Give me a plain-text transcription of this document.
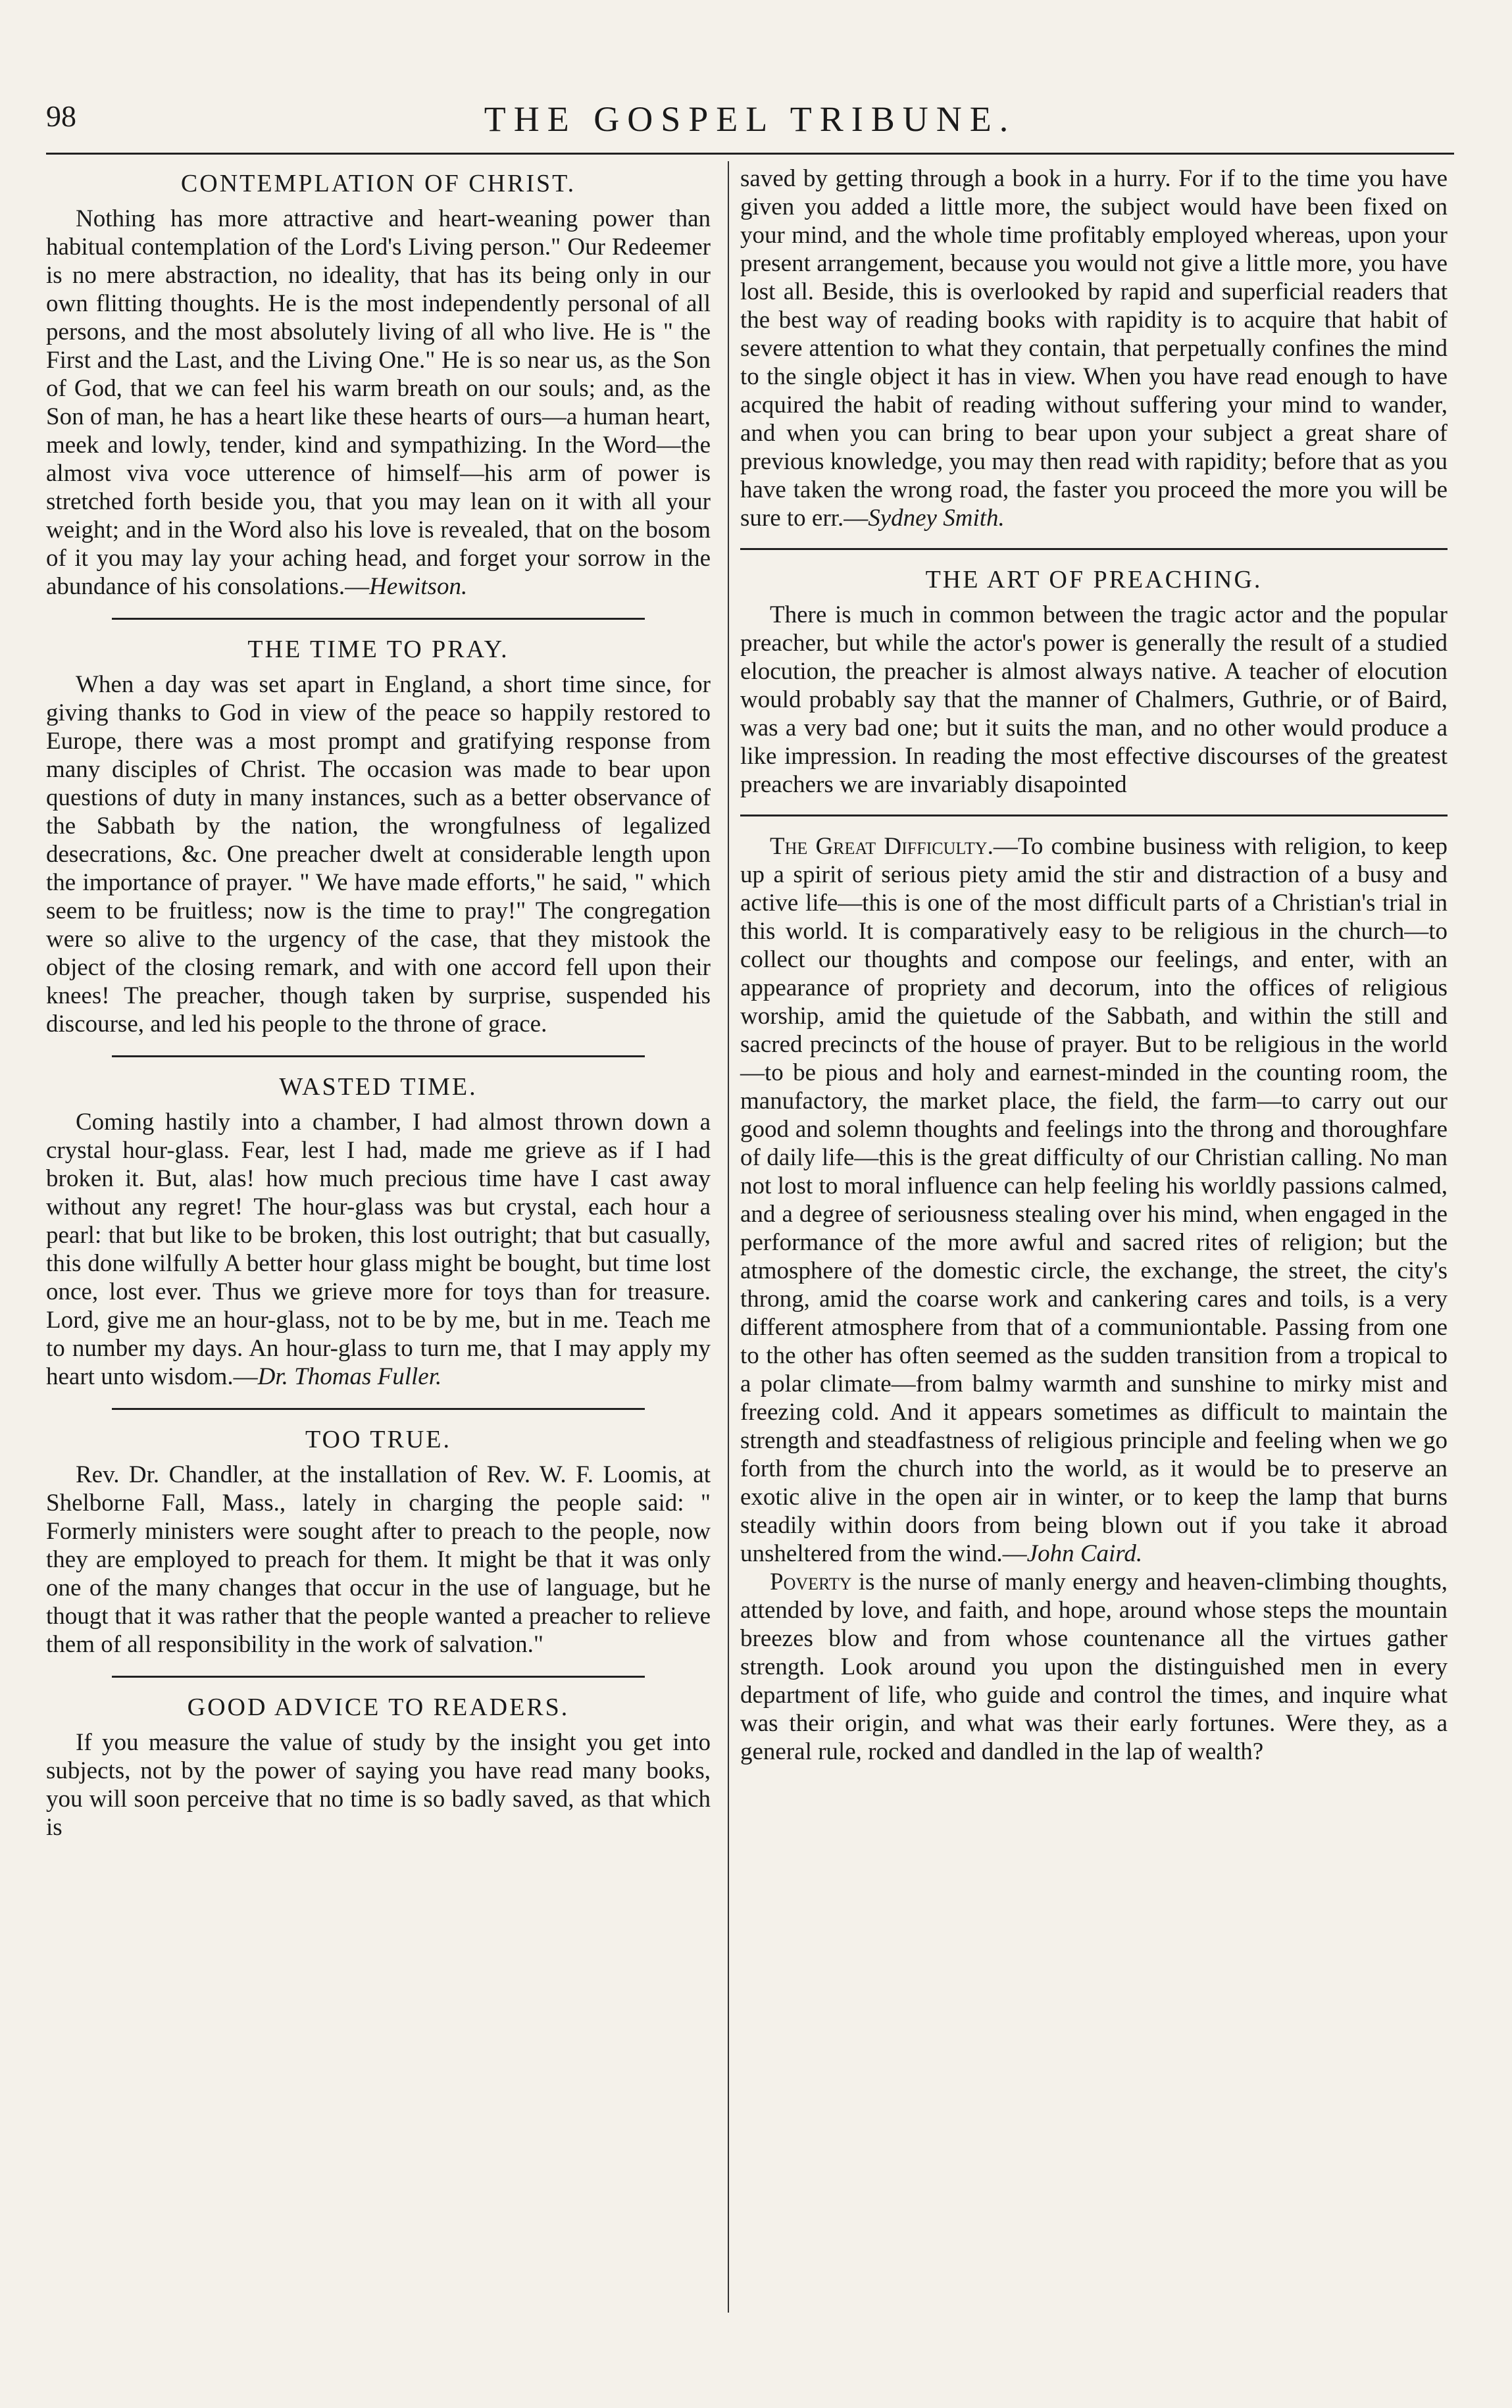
98	THE GOSPEL TRIBUNE.
CONTEMPLATION OF CHRIST.

Nothing has more attractive and heart-weaning power than habitual contemplation of the Lord's Living person." Our Redeemer is no mere abstraction, no ideality, that has its being only in our own flitting thoughts. He is the most independently personal of all persons, and the most absolutely living of all who live. He is " the First and the Last, and the Living One." He is so near us, as the Son of God, that we can feel his warm breath on our souls; and, as the Son of man, he has a heart like these hearts of ours—a human heart, meek and lowly, tender, kind and sympathizing. In the Word—the almost viva voce utterence of himself—his arm of power is stretched forth beside you, that you may lean on it with all your weight; and in the Word also his love is revealed, that on the bosom of it you may lay your aching head, and forget your sorrow in the abundance of his consolations.—Hewitson.

THE TIME TO PRAY.

When a day was set apart in England, a short time since, for giving thanks to God in view of the peace so happily restored to Europe, there was a most prompt and gratifying response from many disciples of Christ. The occasion was made to bear upon questions of duty in many instances, such as a better observance of the Sabbath by the nation, the wrongfulness of legalized desecrations, &c. One preacher dwelt at considerable length upon the importance of prayer. " We have made efforts," he said, " which seem to be fruitless; now is the time to pray!" The congregation were so alive to the urgency of the case, that they mistook the object of the closing remark, and with one accord fell upon their knees! The preacher, though taken by surprise, suspended his discourse, and led his people to the throne of grace.

WASTED TIME.

Coming hastily into a chamber, I had almost thrown down a crystal hour-glass. Fear, lest I had, made me grieve as if I had broken it. But, alas! how much precious time have I cast away without any regret! The hour-glass was but crystal, each hour a pearl: that but like to be broken, this lost outright; that but casually, this done wilfully A better hour glass might be bought, but time lost once, lost ever. Thus we grieve more for toys than for treasure. Lord, give me an hour-glass, not to be by me, but in me. Teach me to number my days. An hour-glass to turn me, that I may apply my heart unto wisdom.—Dr. Thomas Fuller.

TOO TRUE.

Rev. Dr. Chandler, at the installation of Rev. W. F. Loomis, at Shelborne Fall, Mass., lately in charging the people said: " Formerly ministers were sought after to preach to the people, now they are employed to preach for them. It might be that it was only one of the many changes that occur in the use of language, but he thougt that it was rather that the people wanted a preacher to relieve them of all responsibility in the work of salvation."

GOOD ADVICE TO READERS.

If you measure the value of study by the insight you get into subjects, not by the power of saying you have read many books, you will soon perceive that no time is so badly saved, as that which is

saved by getting through a book in a hurry. For if to the time you have given you added a little more, the subject would have been fixed on your mind, and the whole time profitably employed whereas, upon your present arrangement, because you would not give a little more, you have lost all. Beside, this is overlooked by rapid and superficial readers that the best way of reading books with rapidity is to acquire that habit of severe attention to what they contain, that perpetually confines the mind to the single object it has in view. When you have read enough to have acquired the habit of reading without suffering your mind to wander, and when you can bring to bear upon your subject a great share of previous knowledge, you may then read with rapidity; before that as you have taken the wrong road, the faster you proceed the more you will be sure to err.—Sydney Smith.

THE ART OF PREACHING.

There is much in common between the tragic actor and the popular preacher, but while the actor's power is generally the result of a studied elocution, the preacher is almost always native. A teacher of elocution would probably say that the manner of Chalmers, Guthrie, or of Baird, was a very bad one; but it suits the man, and no other would produce a like impression. In reading the most effective discourses of the greatest preachers we are invariably disapointed

The Great Difficulty.—To combine business with religion, to keep up a spirit of serious piety amid the stir and distraction of a busy and active life—this is one of the most difficult parts of a Christian's trial in this world. It is comparatively easy to be religious in the church—to collect our thoughts and compose our feelings, and enter, with an appearance of propriety and decorum, into the offices of religious worship, amid the quietude of the Sabbath, and within the still and sacred precincts of the house of prayer. But to be religious in the world—to be pious and holy and earnest-minded in the counting room, the manufactory, the market place, the field, the farm—to carry out our good and solemn thoughts and feelings into the throng and thoroughfare of daily life—this is the great difficulty of our Christian calling. No man not lost to moral influence can help feeling his worldly passions calmed, and a degree of seriousness stealing over his mind, when engaged in the performance of the more awful and sacred rites of religion; but the atmosphere of the domestic circle, the exchange, the street, the city's throng, amid the coarse work and cankering cares and toils, is a very different atmosphere from that of a communiontable. Passing from one to the other has often seemed as the sudden transition from a tropical to a polar climate—from balmy warmth and sunshine to mirky mist and freezing cold. And it appears sometimes as difficult to maintain the strength and steadfastness of religious principle and feeling when we go forth from the church into the world, as it would be to preserve an exotic alive in the open air in winter, or to keep the lamp that burns steadily within doors from being blown out if you take it abroad unsheltered from the wind.—John Caird.

Poverty is the nurse of manly energy and heaven-climbing thoughts, attended by love, and faith, and hope, around whose steps the mountain breezes blow and from whose countenance all the virtues gather strength. Look around you upon the distinguished men in every department of life, who guide and control the times, and inquire what was their origin, and what was their early fortunes. Were they, as a general rule, rocked and dandled in the lap of wealth?
